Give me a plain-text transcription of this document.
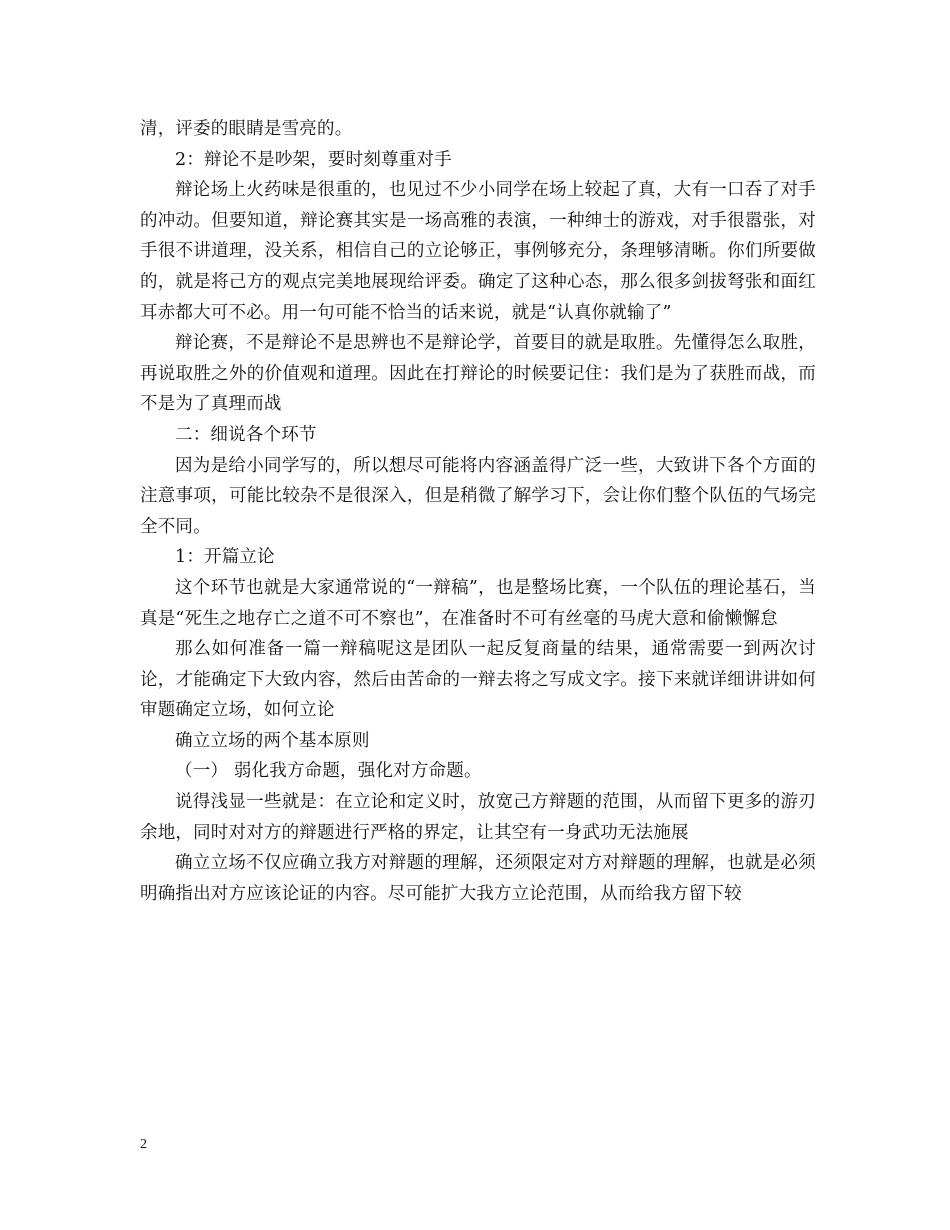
清，评委的眼睛是雪亮的。

2：辩论不是吵架，要时刻尊重对手

辩论场上火药味是很重的，也见过不少小同学在场上较起了真，大有一口吞了对手的冲动。但要知道，辩论赛其实是一场高雅的表演，一种绅士的游戏，对手很嚣张，对手很不讲道理，没关系，相信自己的立论够正，事例够充分，条理够清晰。你们所要做的，就是将己方的观点完美地展现给评委。确定了这种心态，那么很多剑拔弩张和面红耳赤都大可不必。用一句可能不恰当的话来说，就是“认真你就输了”

辩论赛，不是辩论不是思辨也不是辩论学，首要目的就是取胜。先懂得怎么取胜，再说取胜之外的价值观和道理。因此在打辩论的时候要记住：我们是为了获胜而战，而不是为了真理而战

二：细说各个环节

因为是给小同学写的，所以想尽可能将内容涵盖得广泛一些，大致讲下各个方面的注意事项，可能比较杂不是很深入，但是稍微了解学习下，会让你们整个队伍的气场完全不同。

1：开篇立论

这个环节也就是大家通常说的“一辩稿”，也是整场比赛，一个队伍的理论基石，当真是“死生之地存亡之道不可不察也”，在准备时不可有丝毫的马虎大意和偷懒懈怠

那么如何准备一篇一辩稿呢这是团队一起反复商量的结果，通常需要一到两次讨论，才能确定下大致内容，然后由苦命的一辩去将之写成文字。接下来就详细讲讲如何审题确定立场，如何立论

确立立场的两个基本原则

（一） 弱化我方命题，强化对方命题。

说得浅显一些就是：在立论和定义时，放宽己方辩题的范围，从而留下更多的游刃余地，同时对对方的辩题进行严格的界定，让其空有一身武功无法施展

确立立场不仅应确立我方对辩题的理解，还须限定对方对辩题的理解，也就是必须明确指出对方应该论证的内容。尽可能扩大我方立论范围，从而给我方留下较

2
